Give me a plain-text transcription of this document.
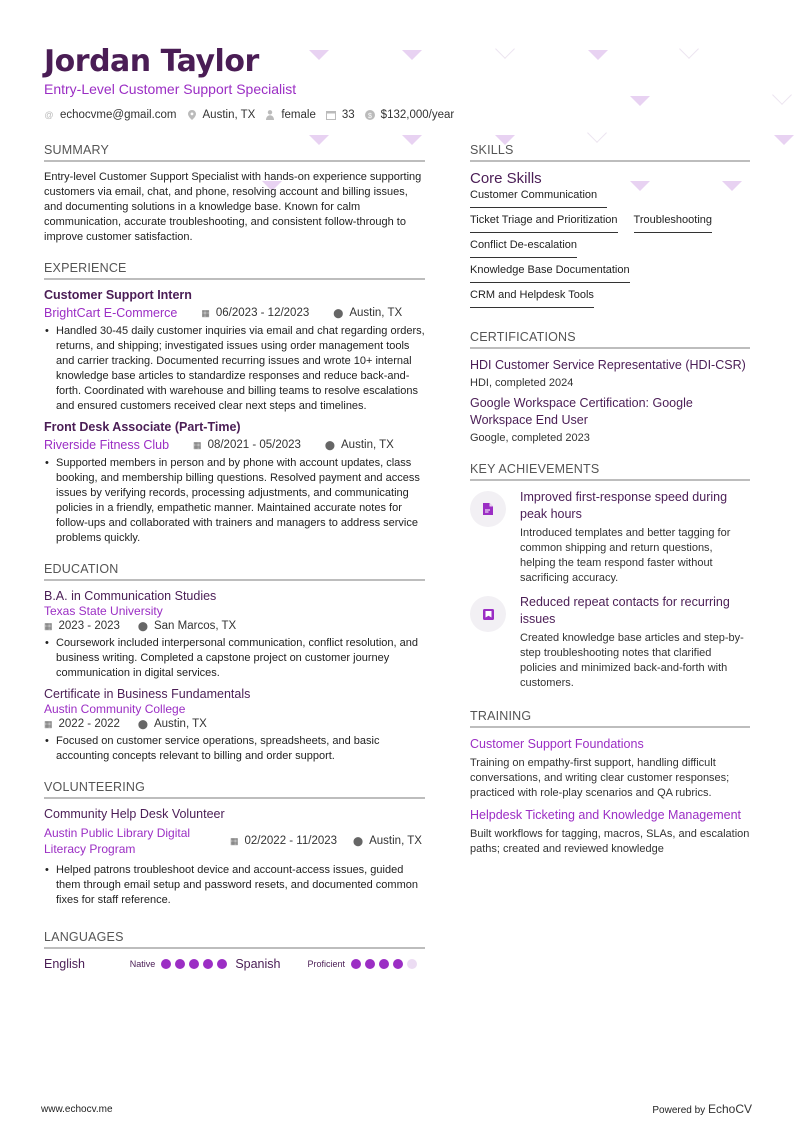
Jordan Taylor
Entry-Level Customer Support Specialist
@ echocvme@gmail.com Austin, TX female 33 $ $132,000/year
SUMMARY
Entry-level Customer Support Specialist with hands-on experience supporting customers via email, chat, and phone, resolving account and billing issues, and documenting solutions in a knowledge base. Known for calm communication, accurate troubleshooting, and consistent follow-through to improve customer satisfaction.
EXPERIENCE
Customer Support Intern
BrightCart E-Commerce	▦ 06/2023 - 12/2023	⬤ Austin, TX
• Handled 30-45 daily customer inquiries via email and chat regarding orders, returns, and shipping; investigated issues using order management tools and carrier tracking. Documented recurring issues and wrote 10+ internal knowledge base articles to standardize responses and reduce back-and-forth. Coordinated with warehouse and billing teams to resolve escalations and ensured customers received clear next steps and timelines.
Front Desk Associate (Part-Time)
Riverside Fitness Club	▦ 08/2021 - 05/2023	⬤ Austin, TX
• Supported members in person and by phone with account updates, class booking, and membership billing questions. Resolved payment and access issues by verifying records, processing adjustments, and communicating policies in a friendly, empathetic manner. Maintained accurate notes for follow-ups and collaborated with trainers and managers to address service problems quickly.
EDUCATION
B.A. in Communication Studies
Texas State University
▦ 2023 - 2023 ⬤ San Marcos, TX
• Coursework included interpersonal communication, conflict resolution, and business writing. Completed a capstone project on customer journey communication in digital services.
Certificate in Business Fundamentals
Austin Community College
▦ 2022 - 2022 ⬤ Austin, TX
• Focused on customer service operations, spreadsheets, and basic accounting concepts relevant to billing and order support.
VOLUNTEERING
Community Help Desk Volunteer
Austin Public Library Digital Literacy Program
▦ 02/2022 - 11/2023 ⬤ Austin, TX
• Helped patrons troubleshoot device and account-access issues, guided them through email setup and password resets, and documented common fixes for staff reference.
LANGUAGES
English	Native	Spanish	Proficient
SKILLS
Core Skills
Customer Communication
Ticket Triage and Prioritization Troubleshooting
Conflict De-escalation
Knowledge Base Documentation
CRM and Helpdesk Tools
CERTIFICATIONS
HDI Customer Service Representative (HDI-CSR)
HDI, completed 2024
Google Workspace Certification: Google Workspace End User
Google, completed 2023
KEY ACHIEVEMENTS
Improved first-response speed during peak hours
Introduced templates and better tagging for common shipping and return questions, helping the team respond faster without sacrificing accuracy.
Reduced repeat contacts for recurring issues
Created knowledge base articles and step-by-step troubleshooting notes that clarified policies and minimized back-and-forth with customers.
TRAINING
Customer Support Foundations
Training on empathy-first support, handling difficult conversations, and writing clear customer responses; practiced with role-play scenarios and QA rubrics.
Helpdesk Ticketing and Knowledge Management
Built workflows for tagging, macros, SLAs, and escalation paths; created and reviewed knowledge
www.echocv.me	Powered by EchoCV
